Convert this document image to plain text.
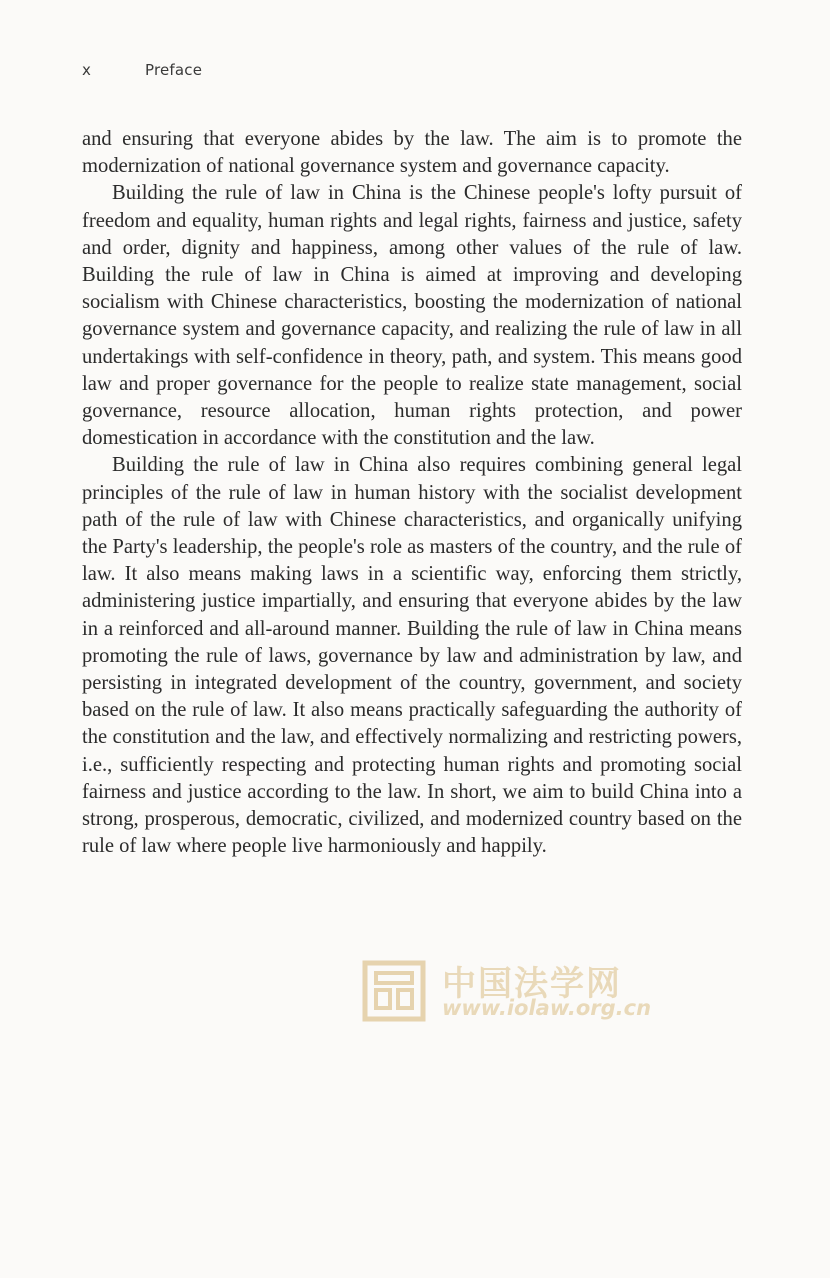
x	Preface

and ensuring that everyone abides by the law. The aim is to promote the modernization of national governance system and governance capacity.

Building the rule of law in China is the Chinese people's lofty pursuit of freedom and equality, human rights and legal rights, fairness and justice, safety and order, dignity and happiness, among other values of the rule of law. Building the rule of law in China is aimed at improving and developing socialism with Chinese characteristics, boosting the modernization of national governance system and governance capacity, and realizing the rule of law in all undertakings with self-confidence in theory, path, and system. This means good law and proper governance for the people to realize state management, social governance, resource allocation, human rights protection, and power domestication in accordance with the constitution and the law.

Building the rule of law in China also requires combining general legal principles of the rule of law in human history with the socialist development path of the rule of law with Chinese characteristics, and organically unifying the Party's leadership, the people's role as masters of the country, and the rule of law. It also means making laws in a scientific way, enforcing them strictly, administering justice impartially, and ensuring that everyone abides by the law in a reinforced and all-around manner. Building the rule of law in China means promoting the rule of laws, governance by law and administration by law, and persisting in integrated development of the country, government, and society based on the rule of law. It also means practically safeguarding the authority of the constitution and the law, and effectively normalizing and restricting powers, i.e., sufficiently respecting and protecting human rights and promoting social fairness and justice according to the law. In short, we aim to build China into a strong, prosperous, democratic, civilized, and modernized country based on the rule of law where people live harmoniously and happily.

中国法学网
www.iolaw.org.cn
